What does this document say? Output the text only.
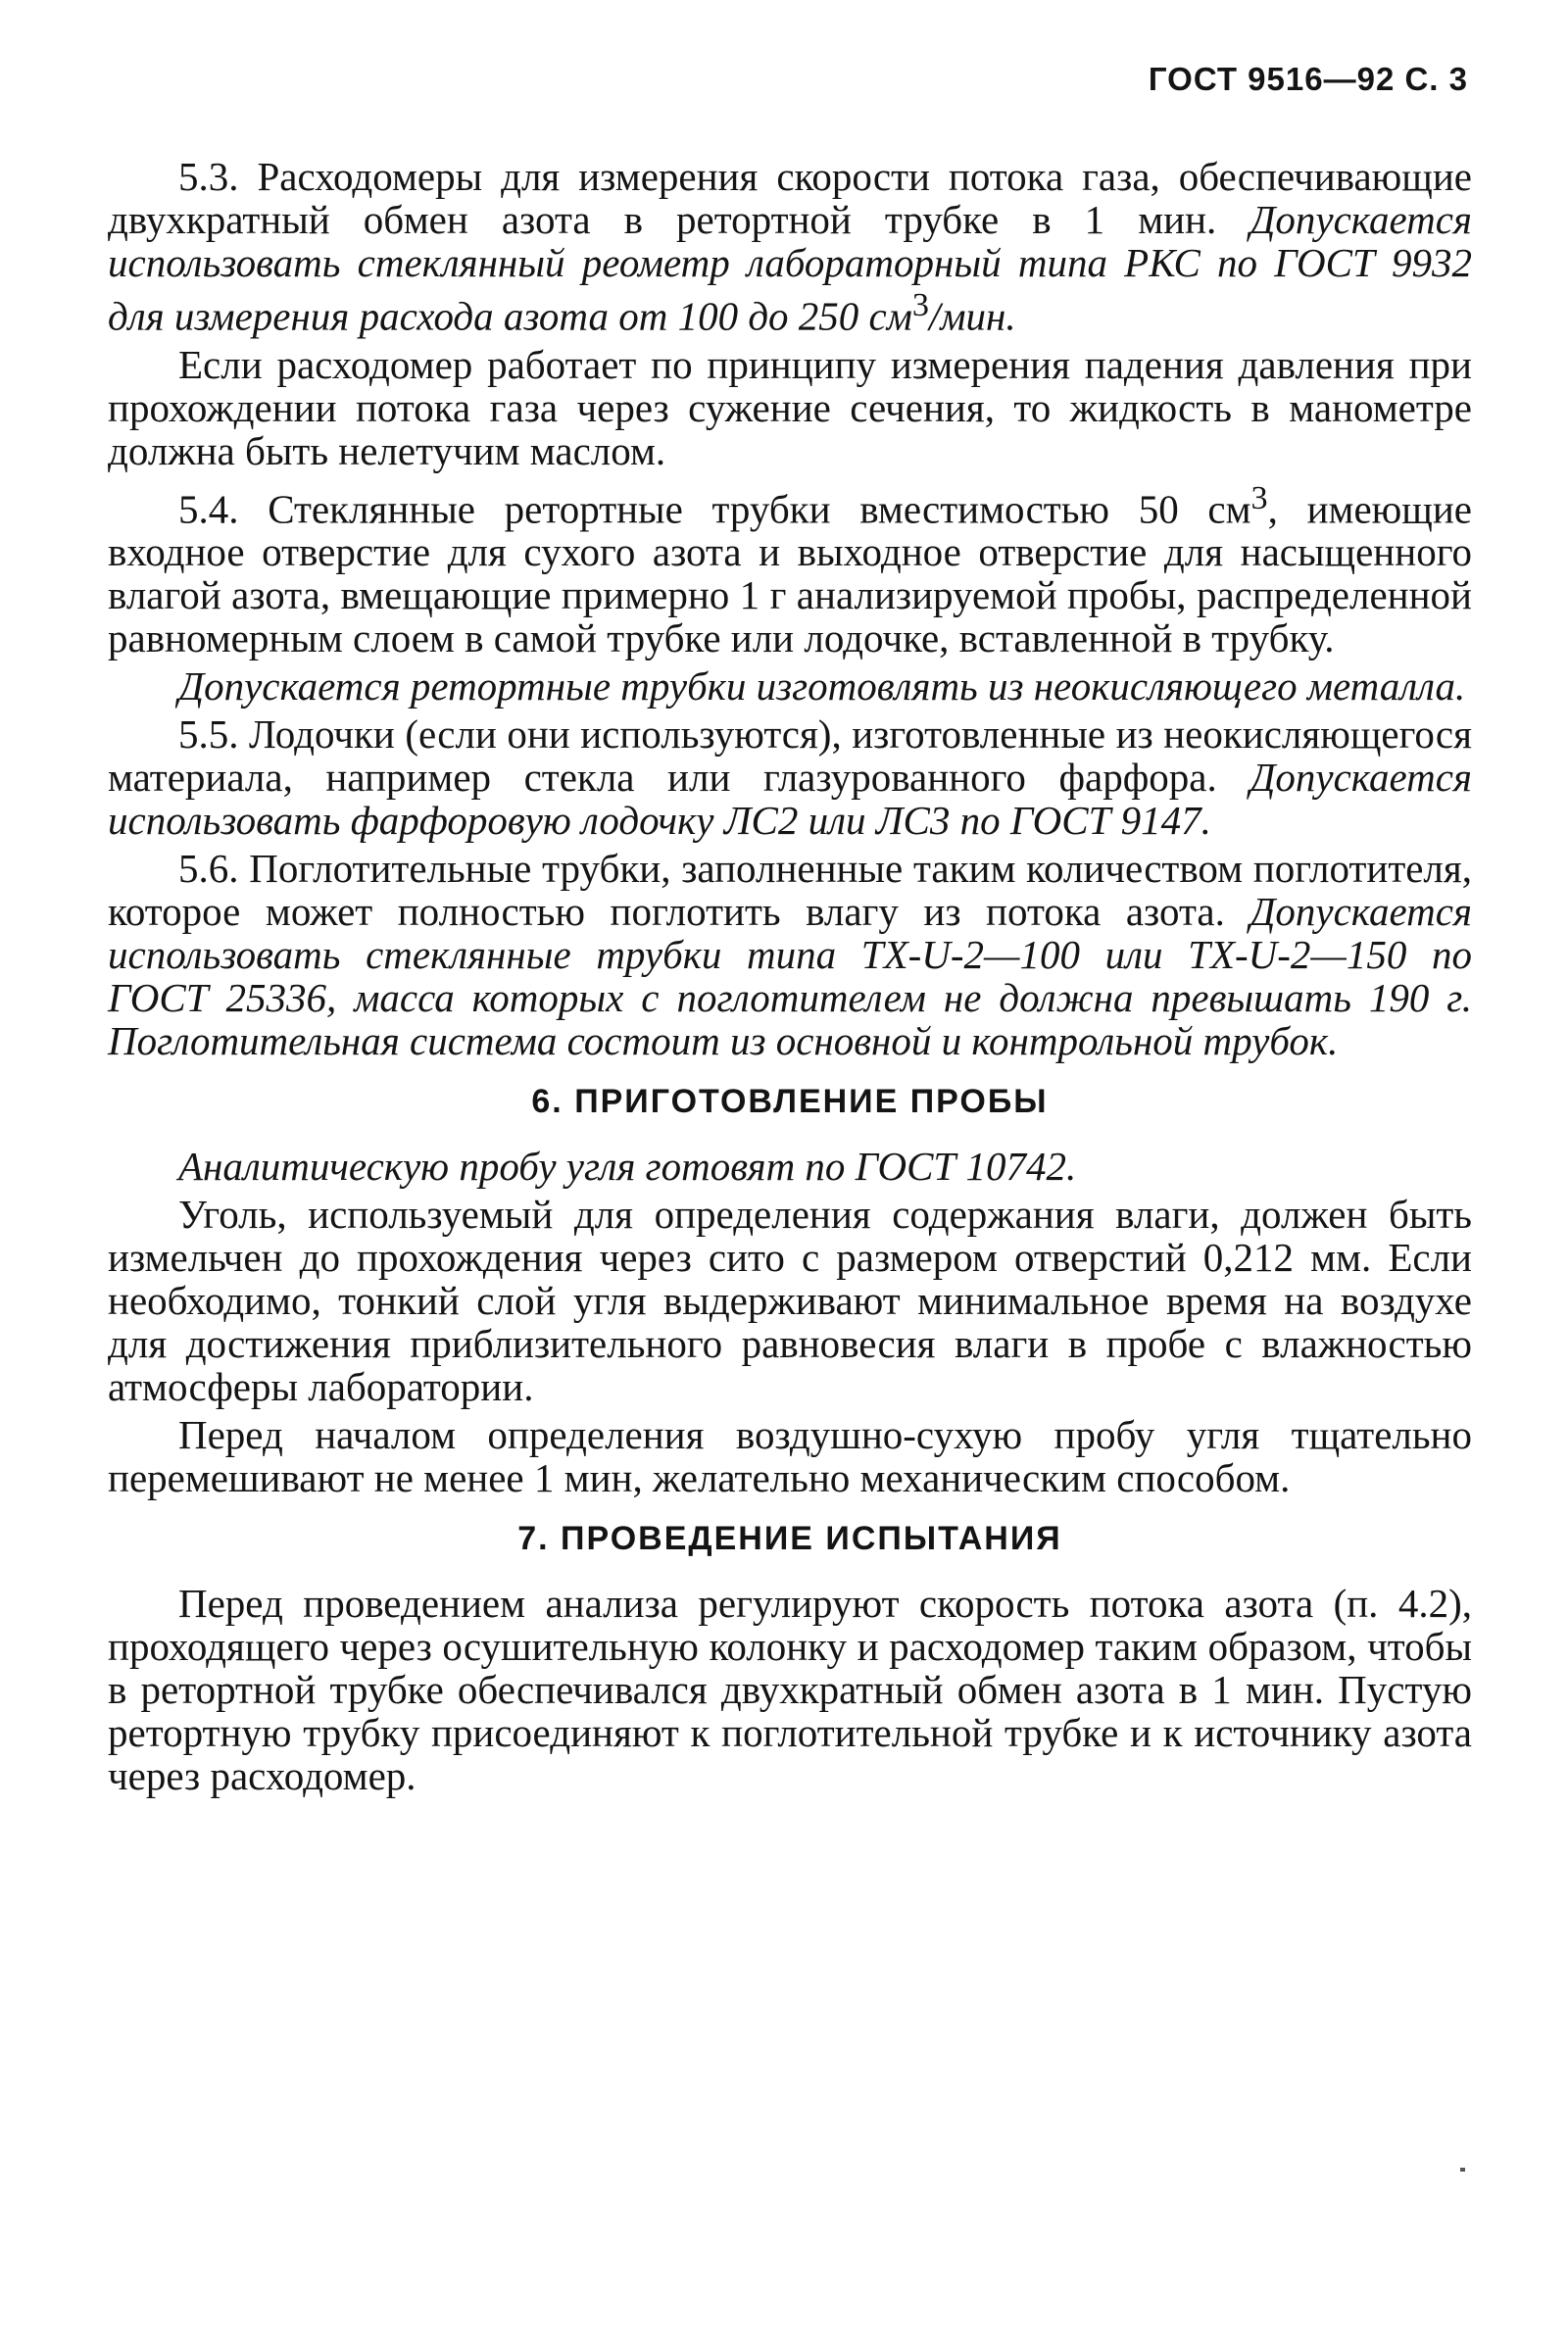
ГОСТ 9516—92 С. 3

5.3. Расходомеры для измерения скорости потока газа, обеспечивающие двухкратный обмен азота в ретортной трубке в 1 мин. Допускается использовать стеклянный реометр лабораторный типа РКС по ГОСТ 9932 для измерения расхода азота от 100 до 250 $см^3$/мин.

Если расходомер работает по принципу измерения падения давления при прохождении потока газа через сужение сечения, то жидкость в манометре должна быть нелетучим маслом.

5.4. Стеклянные ретортные трубки вместимостью 50 $см^3$, имеющие входное отверстие для сухого азота и выходное отверстие для насыщенного влагой азота, вмещающие примерно 1 г анализируемой пробы, распределенной равномерным слоем в самой трубке или лодочке, вставленной в трубку.

Допускается ретортные трубки изготовлять из неокисляющего металла.

5.5. Лодочки (если они используются), изготовленные из неокисляющегося материала, например стекла или глазурованного фарфора. Допускается использовать фарфоровую лодочку ЛС2 или ЛС3 по ГОСТ 9147.

5.6. Поглотительные трубки, заполненные таким количеством поглотителя, которое может полностью поглотить влагу из потока азота. Допускается использовать стеклянные трубки типа ТХ-U-2—100 или ТХ-U-2—150 по ГОСТ 25336, масса которых с поглотителем не должна превышать 190 г. Поглотительная система состоит из основной и контрольной трубок.

6. ПРИГОТОВЛЕНИЕ ПРОБЫ

Аналитическую пробу угля готовят по ГОСТ 10742.

Уголь, используемый для определения содержания влаги, должен быть измельчен до прохождения через сито с размером отверстий 0,212 мм. Если необходимо, тонкий слой угля выдерживают минимальное время на воздухе для достижения приблизительного равновесия влаги в пробе с влажностью атмосферы лаборатории.

Перед началом определения воздушно-сухую пробу угля тщательно перемешивают не менее 1 мин, желательно механическим способом.

7. ПРОВЕДЕНИЕ ИСПЫТАНИЯ

Перед проведением анализа регулируют скорость потока азота (п. 4.2), проходящего через осушительную колонку и расходомер таким образом, чтобы в ретортной трубке обеспечивался двухкратный обмен азота в 1 мин. Пустую ретортную трубку присоединяют к поглотительной трубке и к источнику азота через расходомер.
